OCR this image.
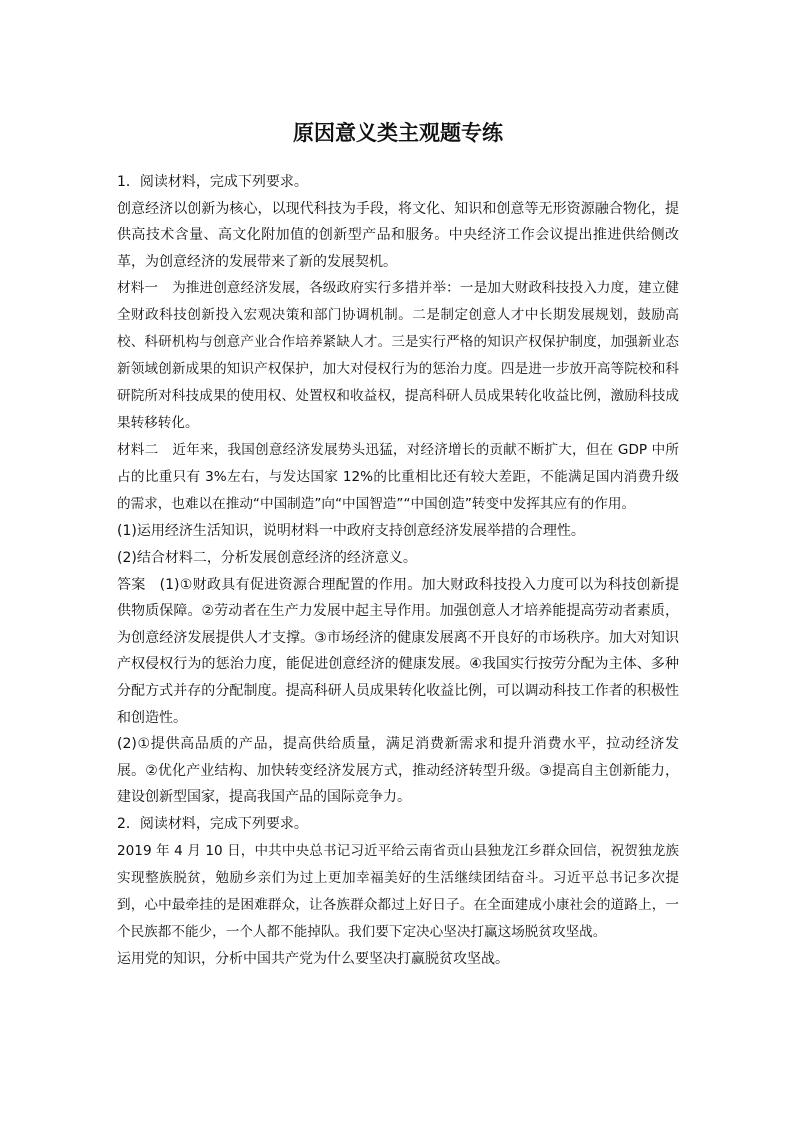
原因意义类主观题专练

1．阅读材料，完成下列要求。

创意经济以创新为核心，以现代科技为手段，将文化、知识和创意等无形资源融合物化，提供高技术含量、高文化附加值的创新型产品和服务。中央经济工作会议提出推进供给侧改革，为创意经济的发展带来了新的发展契机。

材料一 为推进创意经济发展，各级政府实行多措并举：一是加大财政科技投入力度，建立健全财政科技创新投入宏观决策和部门协调机制。二是制定创意人才中长期发展规划，鼓励高校、科研机构与创意产业合作培养紧缺人才。三是实行严格的知识产权保护制度，加强新业态新领域创新成果的知识产权保护，加大对侵权行为的惩治力度。四是进一步放开高等院校和科研院所对科技成果的使用权、处置权和收益权，提高科研人员成果转化收益比例，激励科技成果转移转化。

材料二 近年来，我国创意经济发展势头迅猛，对经济增长的贡献不断扩大，但在 GDP 中所占的比重只有 3%左右，与发达国家 12%的比重相比还有较大差距，不能满足国内消费升级的需求，也难以在推动“中国制造”向“中国智造”“中国创造”转变中发挥其应有的作用。

(1)运用经济生活知识，说明材料一中政府支持创意经济发展举措的合理性。

(2)结合材料二，分析发展创意经济的经济意义。

答案 (1)①财政具有促进资源合理配置的作用。加大财政科技投入力度可以为科技创新提供物质保障。②劳动者在生产力发展中起主导作用。加强创意人才培养能提高劳动者素质，为创意经济发展提供人才支撑。③市场经济的健康发展离不开良好的市场秩序。加大对知识产权侵权行为的惩治力度，能促进创意经济的健康发展。④我国实行按劳分配为主体、多种分配方式并存的分配制度。提高科研人员成果转化收益比例，可以调动科技工作者的积极性和创造性。

(2)①提供高品质的产品，提高供给质量，满足消费新需求和提升消费水平，拉动经济发展。②优化产业结构、加快转变经济发展方式，推动经济转型升级。③提高自主创新能力，建设创新型国家，提高我国产品的国际竞争力。

2．阅读材料，完成下列要求。

2019 年 4 月 10 日，中共中央总书记习近平给云南省贡山县独龙江乡群众回信，祝贺独龙族实现整族脱贫，勉励乡亲们为过上更加幸福美好的生活继续团结奋斗。习近平总书记多次提到，心中最牵挂的是困难群众，让各族群众都过上好日子。在全面建成小康社会的道路上，一个民族都不能少，一个人都不能掉队。我们要下定决心坚决打赢这场脱贫攻坚战。

运用党的知识，分析中国共产党为什么要坚决打赢脱贫攻坚战。
